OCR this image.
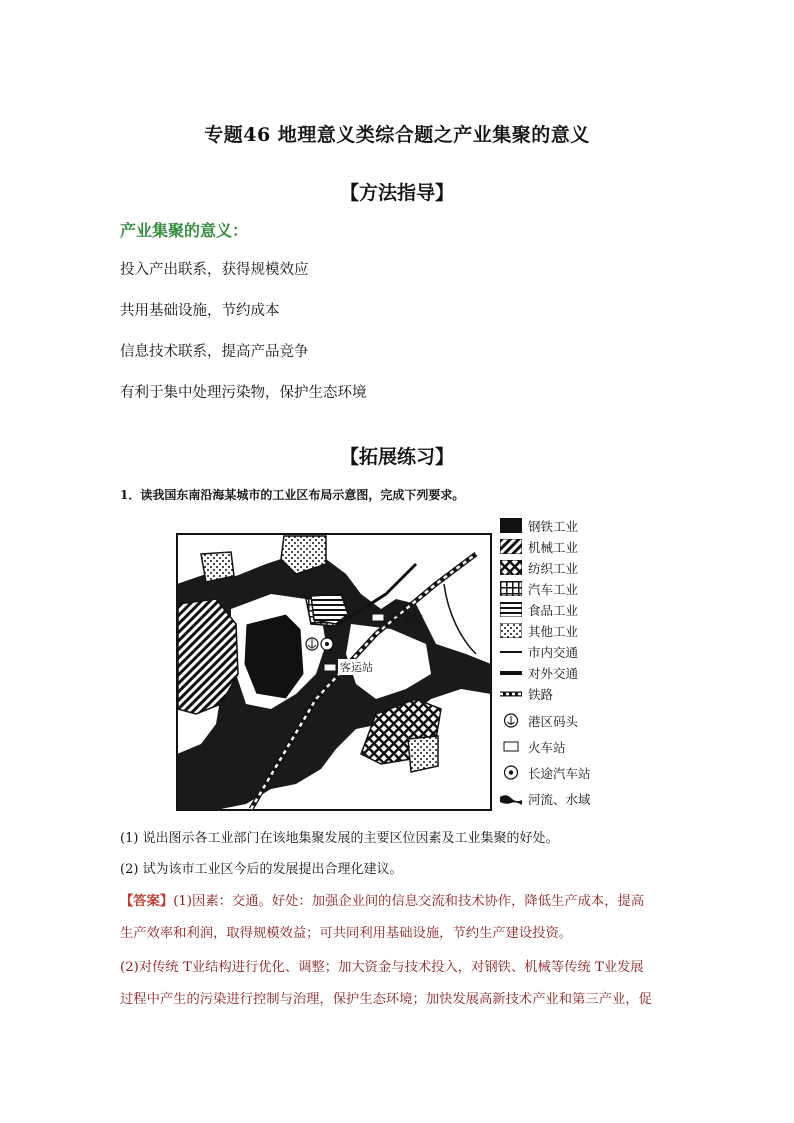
专题46 地理意义类综合题之产业集聚的意义
【方法指导】
产业集聚的意义：
投入产出联系，获得规模效应
共用基础设施，节约成本
信息技术联系，提高产品竞争
有利于集中处理污染物，保护生态环境
【拓展练习】
1．读我国东南沿海某城市的工业区布局示意图，完成下列要求。
货运站
客运站
钢铁工业
机械工业
纺织工业
汽车工业
食品工业
其他工业
市内交通
对外交通
铁路
港区码头
火车站
长途汽车站
河流、水域
(1) 说出图示各工业部门在该地集聚发展的主要区位因素及工业集聚的好处。
(2) 试为该市工业区今后的发展提出合理化建议。
【答案】(1)因素：交通。好处：加强企业间的信息交流和技术协作，降低生产成本，提高
生产效率和利润，取得规模效益；可共同利用基础设施，节约生产建设投资。
(2)对传统 T业结构进行优化、调整；加大资金与技术投入，对钢铁、机械等传统 T业发展
过程中产生的污染进行控制与治理，保护生态环境；加快发展高新技术产业和第三产业，促
